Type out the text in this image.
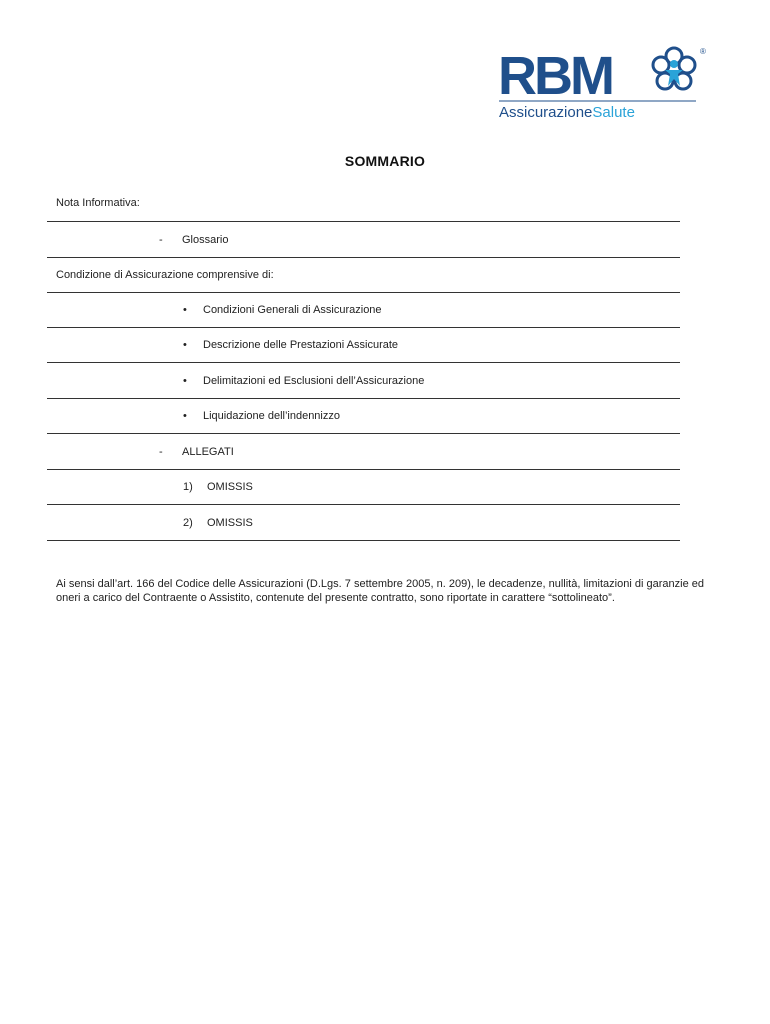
RBM	®
AssicurazioneSalute
SOMMARIO
Nota Informativa:
- Glossario
Condizione di Assicurazione comprensive di:
• Condizioni Generali di Assicurazione
• Descrizione delle Prestazioni Assicurate
• Delimitazioni ed Esclusioni dell’Assicurazione
• Liquidazione dell’indennizzo
- ALLEGATI
1) OMISSIS
2) OMISSIS
Ai sensi dall’art. 166 del Codice delle Assicurazioni (D.Lgs. 7 settembre 2005, n. 209), le decadenze, nullità, limitazioni di garanzie ed oneri a carico del Contraente o Assistito, contenute del presente contratto, sono riportate in carattere “sottolineato”.
